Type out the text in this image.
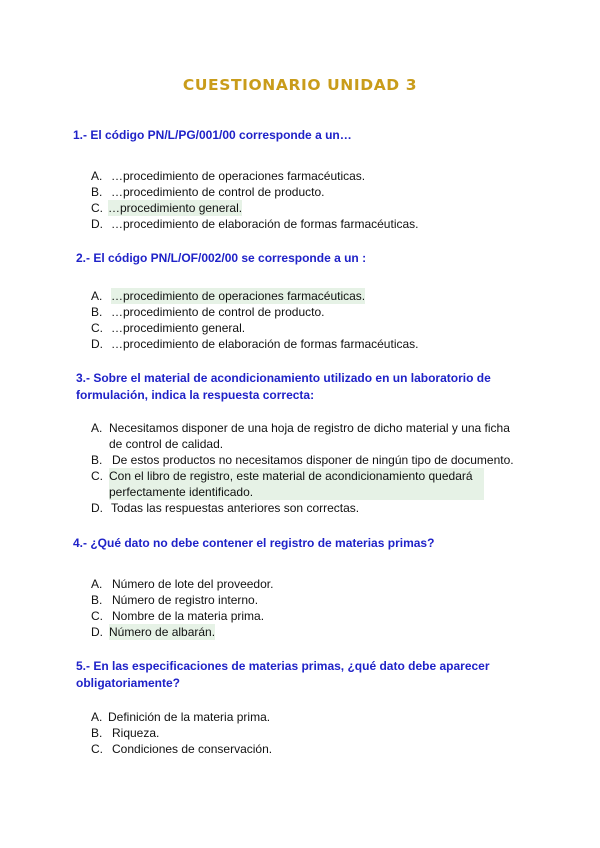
CUESTIONARIO UNIDAD 3
1.- El código PN/L/PG/001/00 corresponde a un…
A. …procedimiento de operaciones farmacéuticas.
B. …procedimiento de control de producto.
C. …procedimiento general.
D. …procedimiento de elaboración de formas farmacéuticas.
2.- El código PN/L/OF/002/00 se corresponde a un :
A. …procedimiento de operaciones farmacéuticas.
B. …procedimiento de control de producto.
C. …procedimiento general.
D. …procedimiento de elaboración de formas farmacéuticas.
3.- Sobre el material de acondicionamiento utilizado en un laboratorio de formulación, indica la respuesta correcta:
A. Necesitamos disponer de una hoja de registro de dicho material y una ficha de control de calidad.
B. De estos productos no necesitamos disponer de ningún tipo de documento.
C. Con el libro de registro, este material de acondicionamiento quedará perfectamente identificado.
D. Todas las respuestas anteriores son correctas.
4.- ¿Qué dato no debe contener el registro de materias primas?
A. Número de lote del proveedor.
B. Número de registro interno.
C. Nombre de la materia prima.
D. Número de albarán.
5.- En las especificaciones de materias primas, ¿qué dato debe aparecer obligatoriamente?
A. Definición de la materia prima.
B. Riqueza.
C. Condiciones de conservación.
